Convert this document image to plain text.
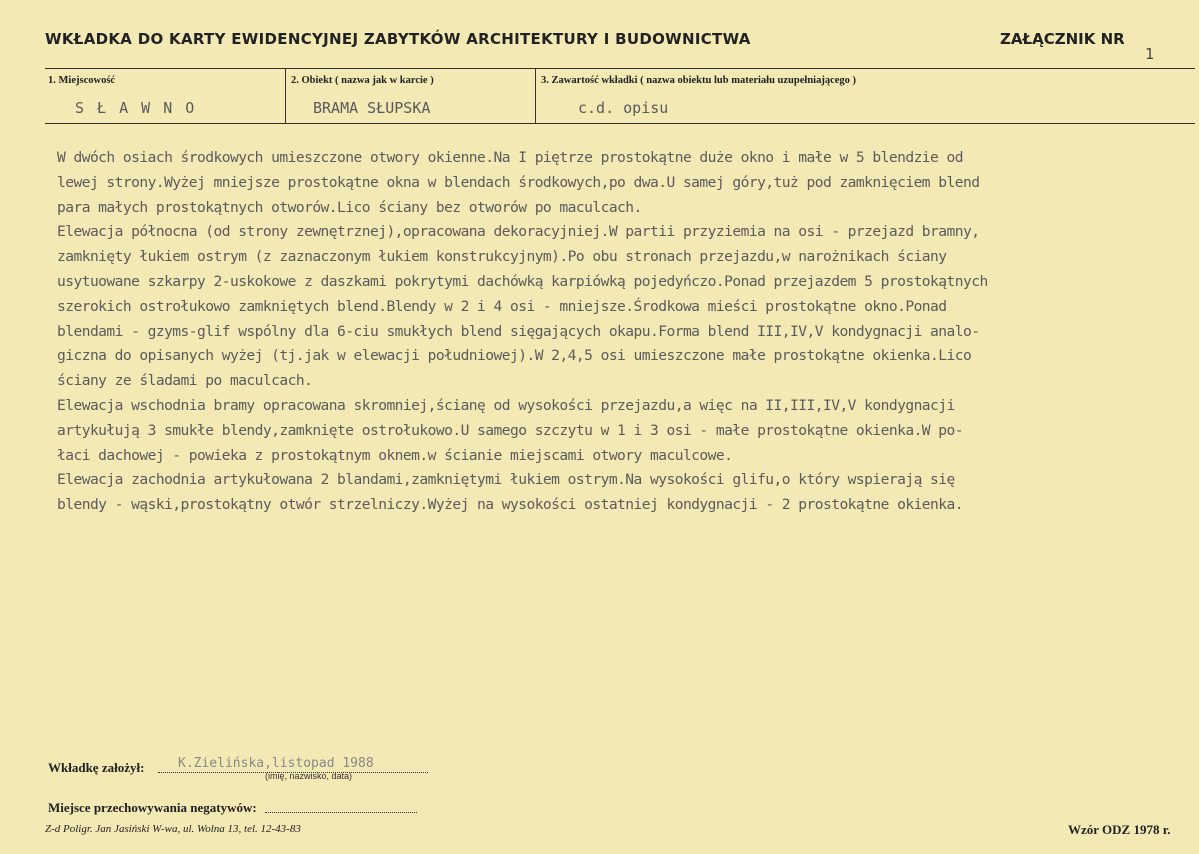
WKŁADKA DO KARTY EWIDENCYJNEJ ZABYTKÓW ARCHITEKTURY I BUDOWNICTWA	ZAŁĄCZNIK NR
1
1. Miejscowość
S Ł A W N O
2. Obiekt ( nazwa jak w karcie )
BRAMA SŁUPSKA
3. Zawartość wkładki ( nazwa obiektu lub materiału uzupełniającego )
c.d. opisu
W dwóch osiach środkowych umieszczone otwory okienne.Na I piętrze prostokątne duże okno i małe w 5 blendzie od
lewej strony.Wyżej mniejsze prostokątne okna w blendach środkowych,po dwa.U samej góry,tuż pod zamknięciem blend
para małych prostokątnych otworów.Lico ściany bez otworów po maculcach.
Elewacja północna (od strony zewnętrznej),opracowana dekoracyjniej.W partii przyziemia na osi - przejazd bramny,
zamknięty łukiem ostrym (z zaznaczonym łukiem konstrukcyjnym).Po obu stronach przejazdu,w narożnikach ściany
usytuowane szkarpy 2-uskokowe z daszkami pokrytymi dachówką karpiówką pojedyńczo.Ponad przejazdem 5 prostokątnych
szerokich ostrołukowo zamkniętych blend.Blendy w 2 i 4 osi - mniejsze.Środkowa mieści prostokątne okno.Ponad
blendami - gzyms-glif wspólny dla 6-ciu smukłych blend sięgających okapu.Forma blend III,IV,V kondygnacji analo-
giczna do opisanych wyżej (tj.jak w elewacji południowej).W 2,4,5 osi umieszczone małe prostokątne okienka.Lico
ściany ze śladami po maculcach.
Elewacja wschodnia bramy opracowana skromniej,ścianę od wysokości przejazdu,a więc na II,III,IV,V kondygnacji
artykułują 3 smukłe blendy,zamknięte ostrołukowo.U samego szczytu w 1 i 3 osi - małe prostokątne okienka.W po-
łaci dachowej - powieka z prostokątnym oknem.w ścianie miejscami otwory maculcowe.
Elewacja zachodnia artykułowana 2 blandami,zamkniętymi łukiem ostrym.Na wysokości glifu,o który wspierają się
blendy - wąski,prostokątny otwór strzelniczy.Wyżej na wysokości ostatniej kondygnacji - 2 prostokątne okienka.
Wkładkę założył:	K.Zielińska,listopad 1988
(imię, nazwisko, data)
Miejsce przechowywania negatywów:
Z-d Poligr. Jan Jasiński W-wa, ul. Wolna 13, tel. 12-43-83	Wzór ODZ 1978 r.
